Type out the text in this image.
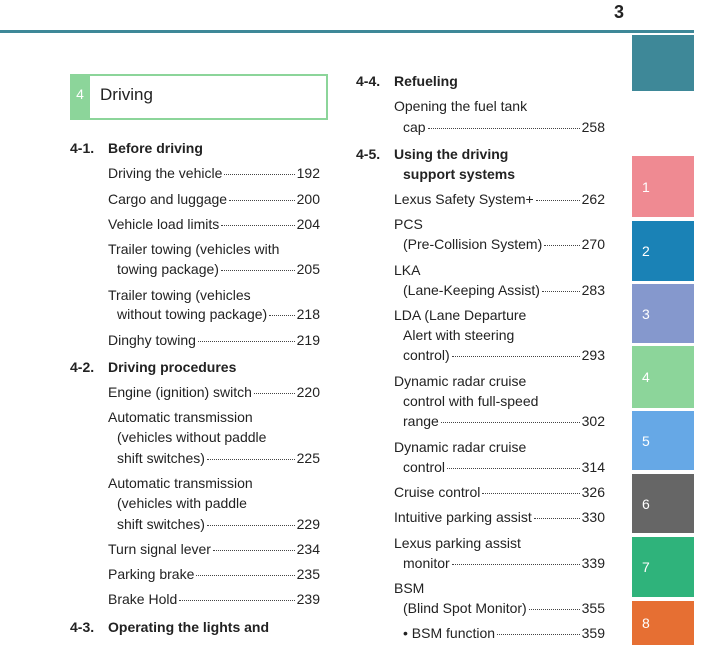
3
4 Driving
4-1. Before driving
Driving the vehicle	192
Cargo and luggage	200
Vehicle load limits	204
Trailer towing (vehicles with
towing package)	205
Trailer towing (vehicles
without towing package) 218
Dinghy towing	219
4-2. Driving procedures
Engine (ignition) switch	220
Automatic transmission
(vehicles without paddle
shift switches)	225
Automatic transmission
(vehicles with paddle
shift switches)	229
Turn signal lever	234
Parking brake	235
Brake Hold	239
4-3. Operating the lights and
4-4. Refueling
Opening the fuel tank
cap	258
4-5. Using the driving
support systems
Lexus Safety System+	262
PCS
(Pre-Collision System)	270
LKA
(Lane-Keeping Assist)	283
LDA (Lane Departure
Alert with steering
control)	293
Dynamic radar cruise
control with full-speed
range	302
Dynamic radar cruise
control	314
Cruise control	326
Intuitive parking assist	330
Lexus parking assist
monitor	339
BSM
(Blind Spot Monitor)	355
• BSM function	359
1
2
3
4
5
6
7
8
